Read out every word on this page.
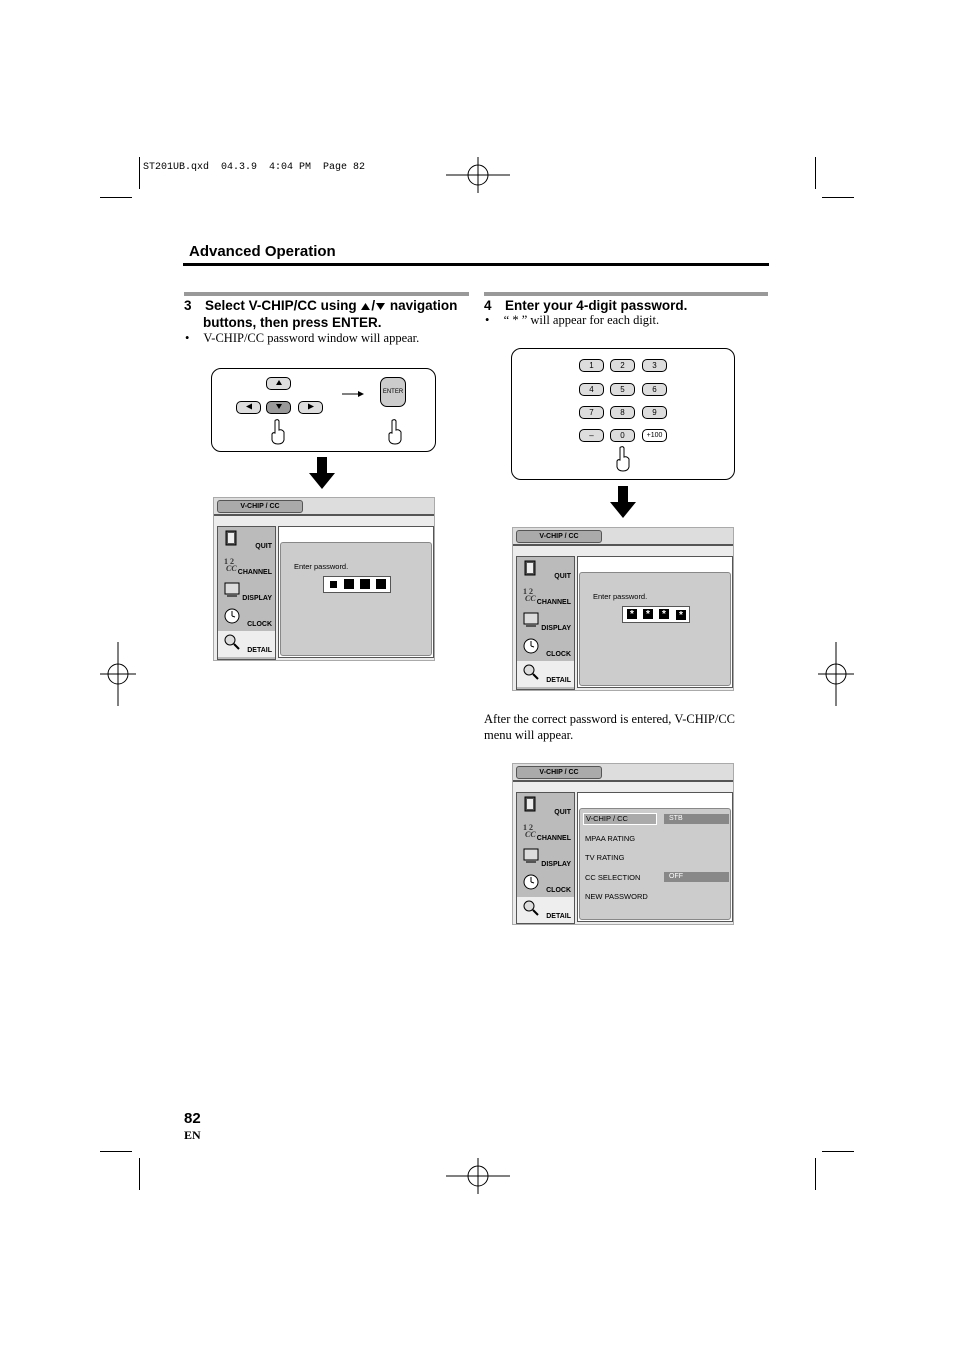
ST201UB.qxd  04.3.9  4:04 PM  Page 82
Advanced Operation
3 Select V-CHIP/CC using / navigation
buttons, then press ENTER.
• V-CHIP/CC password window will appear.
ENTER
V-CHIP / CC
QUIT
1 2
CC CHANNEL
DISPLAY
CLOCK
DETAIL
Enter password.
4 Enter your 4-digit password.
• “ * ” will appear for each digit.
1	2	3
4	5	6
7	8	9
–	0	+100
V-CHIP / CC
QUIT
1 2
CC CHANNEL
DISPLAY
CLOCK
DETAIL
Enter password.
*	*	*	*
After the correct password is entered, V-CHIP/CC
menu will appear.
V-CHIP / CC
QUIT
1 2
CC CHANNEL
DISPLAY
CLOCK
DETAIL
V-CHIP / CC	STB
MPAA RATING
TV RATING
CC SELECTION	OFF
NEW PASSWORD
82
EN
